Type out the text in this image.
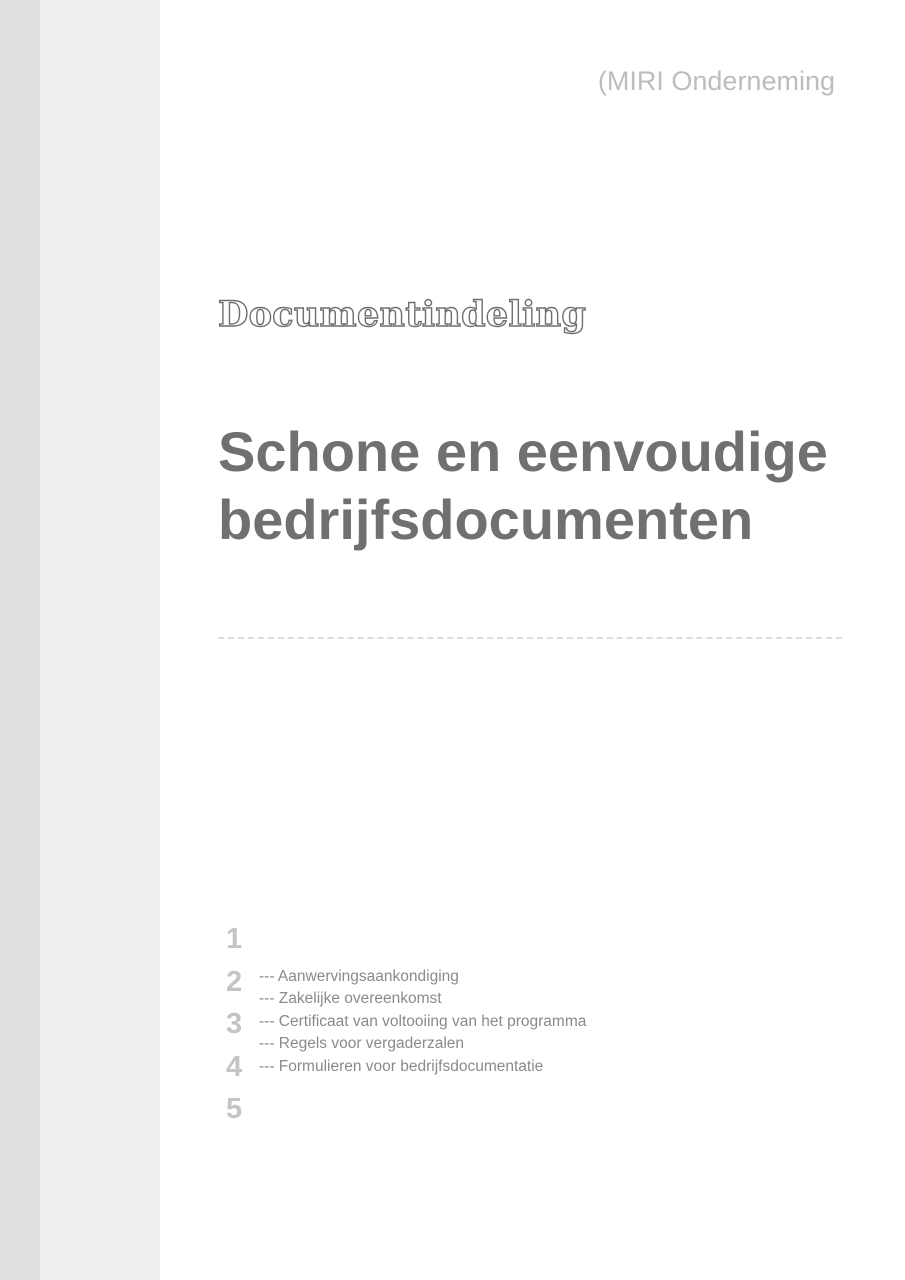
(MIRI Onderneming
Documentindeling
Schone en eenvoudige
bedrijfsdocumenten
1
2
3
4
5
--- Aanwervingsaankondiging
--- Zakelijke overeenkomst
--- Certificaat van voltooiing van het programma
--- Regels voor vergaderzalen
--- Formulieren voor bedrijfsdocumentatie
